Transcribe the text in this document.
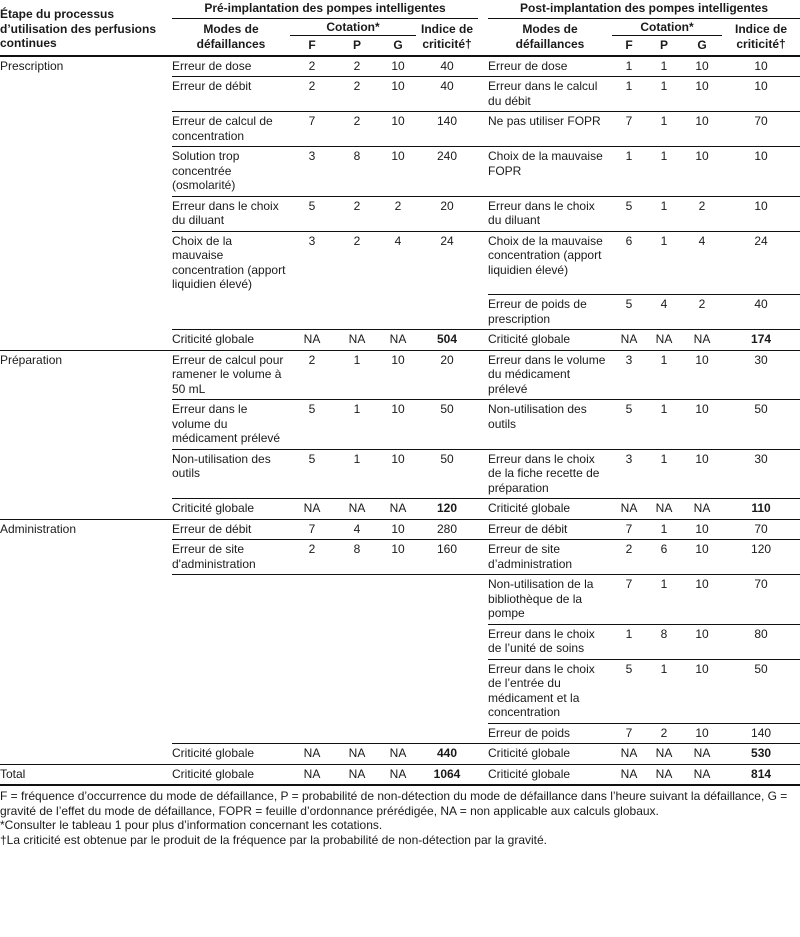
Étape du processus d’utilisation des perfusions continues	Pré-implantation des pompes intelligentes						Post-implantation des pompes intelligentes				
	Modes de défaillances	Cotation*			Indice de criticité†		Modes de défaillances	Cotation*			Indice de criticité†
		F	P	G				F	P	G	
Prescription	Erreur de dose	2	2	10	40		Erreur de dose	1	1	10	10
	Erreur de débit	2	2	10	40		Erreur dans le calcul du débit	1	1	10	10
	Erreur de calcul de concentration	7	2	10	140		Ne pas utiliser FOPR	7	1	10	70
	Solution trop concentrée (osmolarité)	3	8	10	240		Choix de la mauvaise FOPR	1	1	10	10
	Erreur dans le choix du diluant	5	2	2	20		Erreur dans le choix du diluant	5	1	2	10
	Choix de la mauvaise concentration (apport liquidien élevé)	3	2	4	24		Choix de la mauvaise concentration (apport liquidien élevé)	6	1	4	24
							Erreur de poids de prescription	5	4	2	40
	Criticité globale	NA	NA	NA	504		Criticité globale	NA	NA	NA	174
Préparation	Erreur de calcul pour ramener le volume à 50 mL	2	1	10	20		Erreur dans le volume du médicament prélevé	3	1	10	30
	Erreur dans le volume du médicament prélevé	5	1	10	50		Non-utilisation des outils	5	1	10	50
	Non-utilisation des outils	5	1	10	50		Erreur dans le choix de la fiche recette de préparation	3	1	10	30
	Criticité globale	NA	NA	NA	120		Criticité globale	NA	NA	NA	110
Administration	Erreur de débit	7	4	10	280		Erreur de débit	7	1	10	70
	Erreur de site d'administration	2	8	10	160		Erreur de site d’administration	2	6	10	120
							Non-utilisation de la bibliothèque de la pompe	7	1	10	70
							Erreur dans le choix de l’unité de soins	1	8	10	80
							Erreur dans le choix de l’entrée du médicament et la concentration	5	1	10	50
							Erreur de poids	7	2	10	140
	Criticité globale	NA	NA	NA	440		Criticité globale	NA	NA	NA	530
Total	Criticité globale	NA	NA	NA	1064		Criticité globale	NA	NA	NA	814

F = fréquence d’occurrence du mode de défaillance, P = probabilité de non-détection du mode de défaillance dans l’heure suivant la défaillance, G = gravité de l’effet du mode de défaillance, FOPR = feuille d’ordonnance prérédigée, NA = non applicable aux calculs globaux.

*Consulter le tableau 1 pour plus d’information concernant les cotations.

†La criticité est obtenue par le produit de la fréquence par la probabilité de non-détection par la gravité.
